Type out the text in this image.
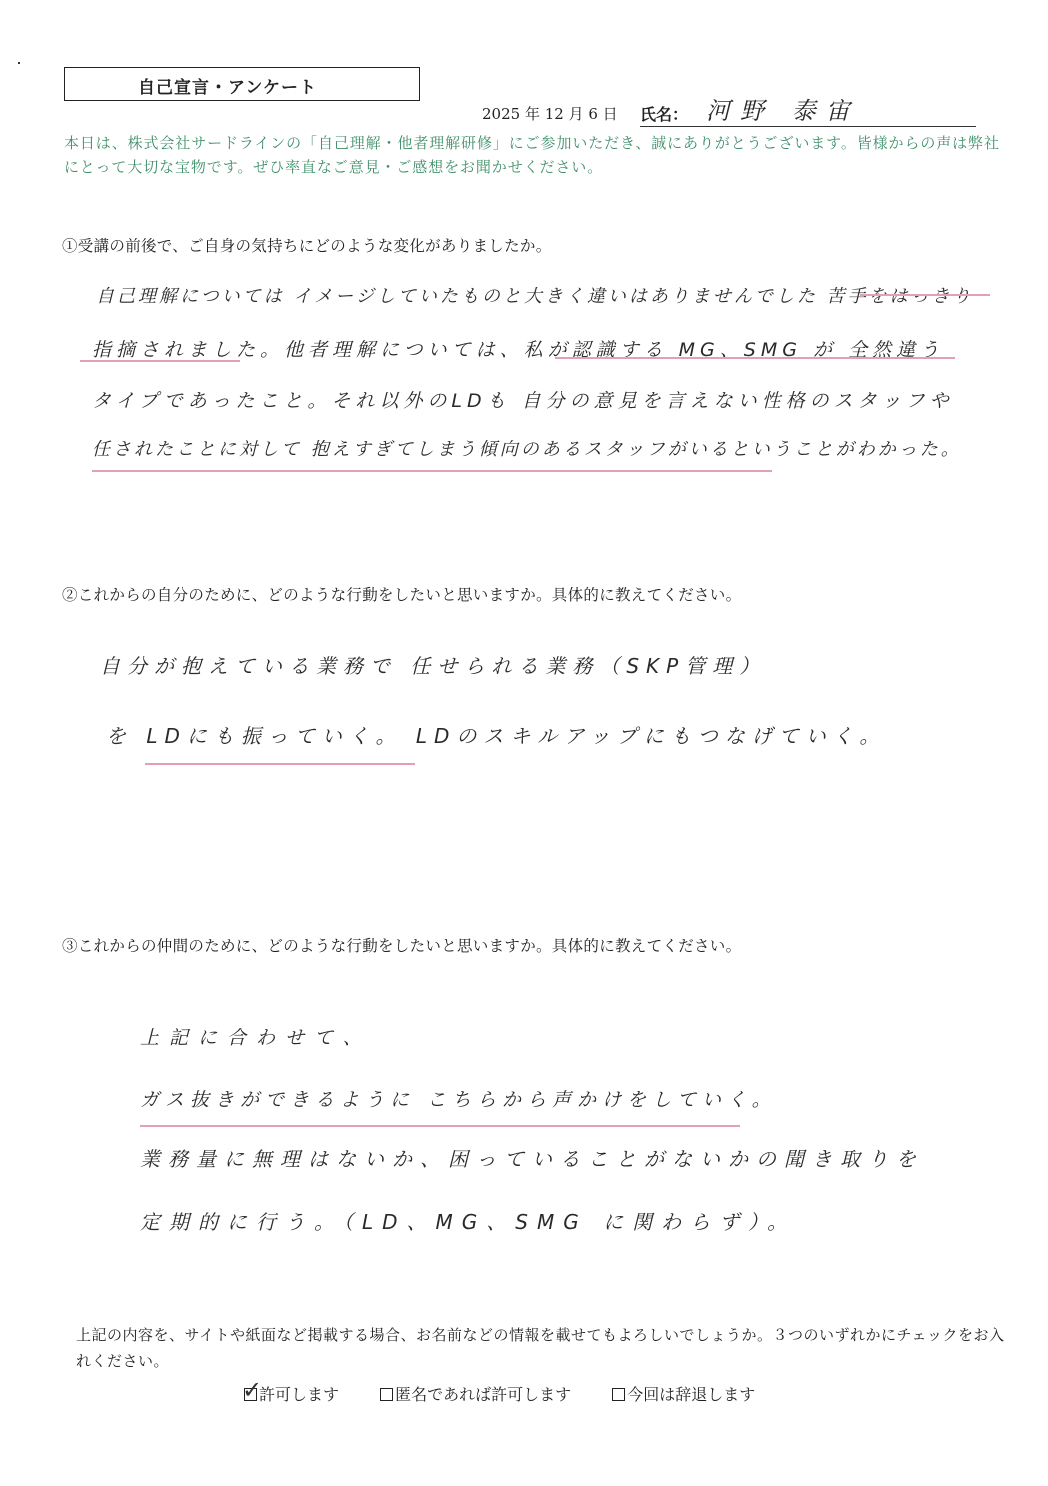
自己宣言・アンケート
2025 年 12 月 6 日 氏名： 河野 泰宙
本日は、株式会社サードラインの「自己理解・他者理解研修」にご参加いただき、誠にありがとうございます。皆様からの声は弊社にとって大切な宝物です。ぜひ率直なご意見・ご感想をお聞かせください。
①受講の前後で、ご自身の気持ちにどのような変化がありましたか。
自己理解については イメージしていたものと大きく違いはありませんでした 苦手をはっきり
指摘されました。他者理解については、私が認識する MG、SMG が 全然違う
タイプであったこと。それ以外のLDも 自分の意見を言えない性格のスタッフや
任されたことに対して 抱えすぎてしまう傾向のあるスタッフがいるということがわかった。
②これからの自分のために、どのような行動をしたいと思いますか。具体的に教えてください。
自分が抱えている業務で 任せられる業務（SKP管理）
を LDにも振っていく。 LDのスキルアップにもつなげていく。
③これからの仲間のために、どのような行動をしたいと思いますか。具体的に教えてください。
上記に合わせて、
ガス抜きができるように こちらから声かけをしていく。
業務量に無理はないか、困っていることがないかの聞き取りを
定期的に行う。（LD、MG、SMG に関わらず）。
上記の内容を、サイトや紙面など掲載する場合、お名前などの情報を載せてもよろしいでしょうか。３つのいずれかにチェックをお入れください。
許可します	匿名であれば許可します	今回は辞退します
✓
